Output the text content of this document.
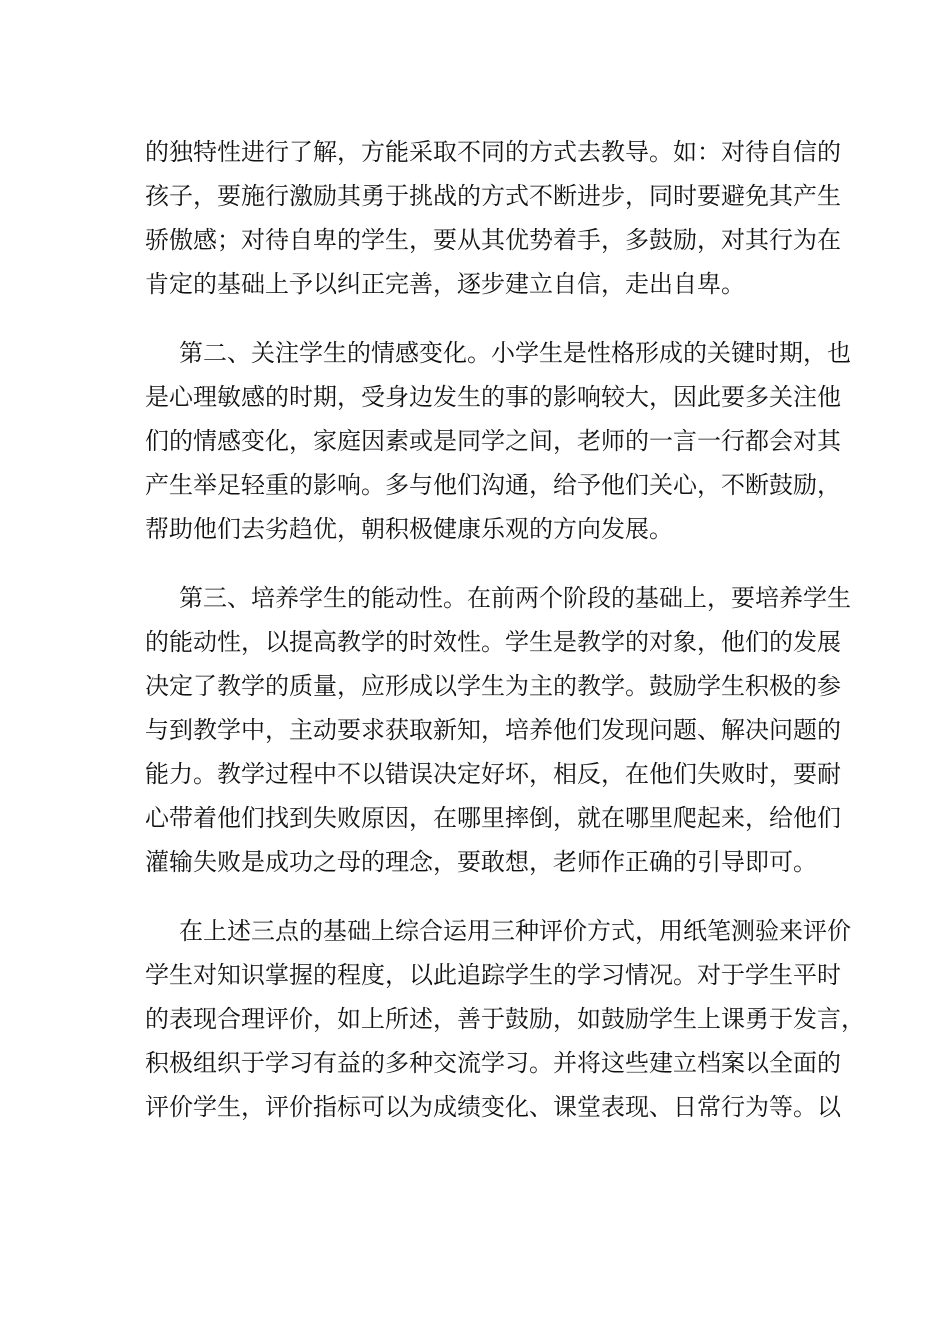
的独特性进行了解，方能采取不同的方式去教导。如：对待自信的
孩子，要施行激励其勇于挑战的方式不断进步，同时要避免其产生
骄傲感；对待自卑的学生，要从其优势着手，多鼓励，对其行为在
肯定的基础上予以纠正完善，逐步建立自信，走出自卑。
第二、关注学生的情感变化。小学生是性格形成的关键时期，也
是心理敏感的时期，受身边发生的事的影响较大，因此要多关注他
们的情感变化，家庭因素或是同学之间，老师的一言一行都会对其
产生举足轻重的影响。多与他们沟通，给予他们关心，不断鼓励，
帮助他们去劣趋优，朝积极健康乐观的方向发展。
第三、培养学生的能动性。在前两个阶段的基础上，要培养学生
的能动性，以提高教学的时效性。学生是教学的对象，他们的发展
决定了教学的质量，应形成以学生为主的教学。鼓励学生积极的参
与到教学中，主动要求获取新知，培养他们发现问题、解决问题的
能力。教学过程中不以错误决定好坏，相反，在他们失败时，要耐
心带着他们找到失败原因，在哪里摔倒，就在哪里爬起来，给他们
灌输失败是成功之母的理念，要敢想，老师作正确的引导即可。
在上述三点的基础上综合运用三种评价方式，用纸笔测验来评价
学生对知识掌握的程度，以此追踪学生的学习情况。对于学生平时
的表现合理评价，如上所述，善于鼓励，如鼓励学生上课勇于发言，
积极组织于学习有益的多种交流学习。并将这些建立档案以全面的
评价学生，评价指标可以为成绩变化、课堂表现、日常行为等。以
